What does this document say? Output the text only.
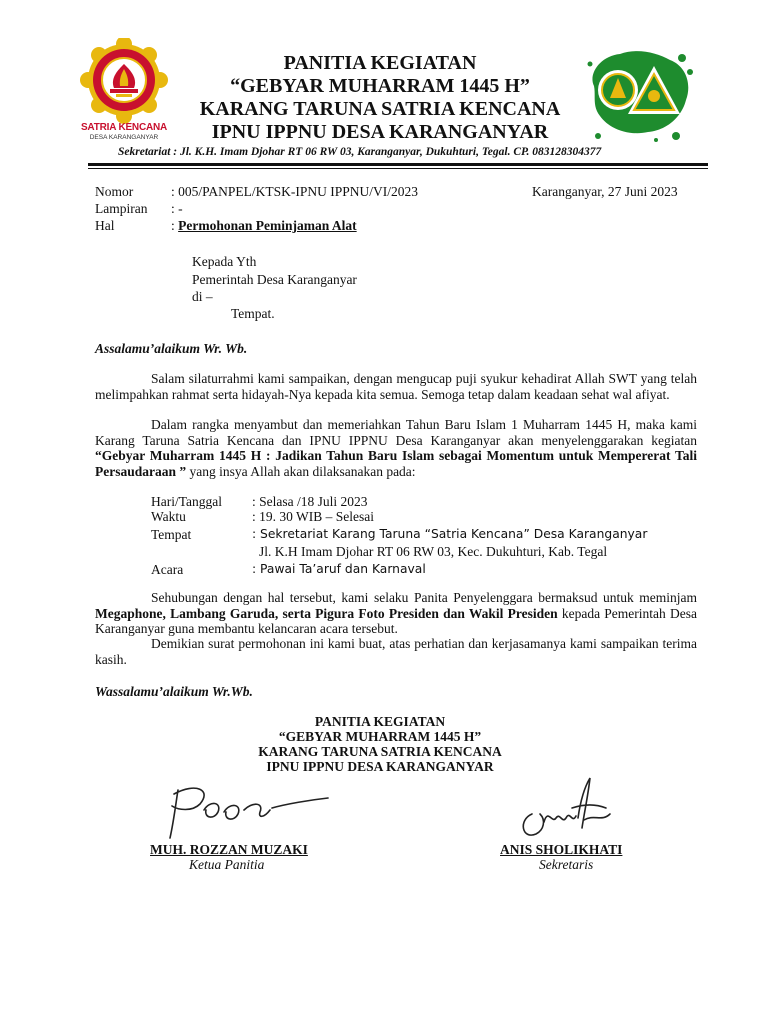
SATRIA KENCANA
DESA KARANGANYAR
PANITIA KEGIATAN
“GEBYAR MUHARRAM 1445 H”
KARANG TARUNA SATRIA KENCANA
IPNU IPPNU DESA KARANGANYAR
Sekretariat : Jl. K.H. Imam Djohar RT 06 RW 03, Karanganyar, Dukuhturi, Tegal. CP. 083128304377
Nomor	: 005/PANPEL/KTSK-IPNU IPPNU/VI/2023	Karanganyar, 27 Juni 2023
Lampiran : -
Hal	: Permohonan Peminjaman Alat
Kepada Yth
Pemerintah Desa Karanganyar
di –
Tempat.
Assalamu’alaikum Wr. Wb.

Salam silaturrahmi kami sampaikan, dengan mengucap puji syukur kehadirat Allah SWT yang telah melimpahkan rahmat serta hidayah-Nya kepada kita semua. Semoga tetap dalam keadaan sehat wal afiyat.

Dalam rangka menyambut dan memeriahkan Tahun Baru Islam 1 Muharram 1445 H, maka kami Karang Taruna Satria Kencana dan IPNU IPPNU Desa Karanganyar akan menyelenggarakan kegiatan “Gebyar Muharram 1445 H : Jadikan Tahun Baru Islam sebagai Momentum untuk Mempererat Tali Persaudaraan ” yang insya Allah akan dilaksanakan pada:

Hari/Tanggal : Selasa /18 Juli 2023
Waktu	: 19. 30 WIB – Selesai
Tempat	: Sekretariat Karang Taruna “Satria Kencana” Desa Karanganyar
Jl. K.H Imam Djohar RT 06 RW 03, Kec. Dukuhturi, Kab. Tegal
Acara	: Pawai Ta’aruf dan Karnaval

Sehubungan dengan hal tersebut, kami selaku Panita Penyelenggara bermaksud untuk meminjam Megaphone, Lambang Garuda, serta Pigura Foto Presiden dan Wakil Presiden kepada Pemerintah Desa Karanganyar guna membantu kelancaran acara tersebut.

Demikian surat permohonan ini kami buat, atas perhatian dan kerjasamanya kami sampaikan terima kasih.

Wassalamu’alaikum Wr.Wb.
PANITIA KEGIATAN
“GEBYAR MUHARRAM 1445 H”
KARANG TARUNA SATRIA KENCANA
IPNU IPPNU DESA KARANGANYAR
MUH. ROZZAN MUZAKI
Ketua Panitia
ANIS SHOLIKHATI
Sekretaris
